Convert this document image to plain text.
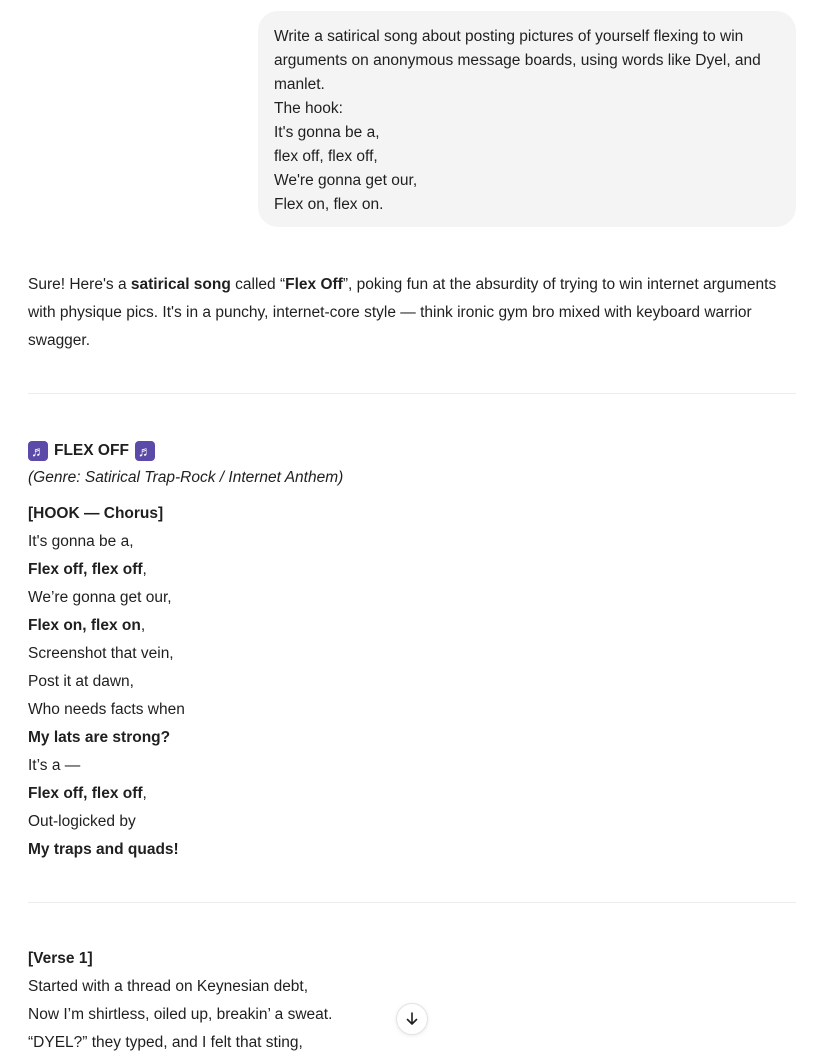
Write a satirical song about posting pictures of yourself flexing to win
arguments on anonymous message boards, using words like Dyel, and
manlet.
The hook:
It's gonna be a,
flex off, flex off,
We're gonna get our,
Flex on, flex on.

Sure! Here's a satirical song called “Flex Off”, poking fun at the absurdity of trying to win internet arguments with physique pics. It's in a punchy, internet-core style — think ironic gym bro mixed with keyboard warrior swagger.

♬ FLEX OFF ♬
(Genre: Satirical Trap-Rock / Internet Anthem)
[HOOK — Chorus]
It's gonna be a,
Flex off, flex off,
We’re gonna get our,
Flex on, flex on,
Screenshot that vein,
Post it at dawn,
Who needs facts when
My lats are strong?
It’s a —
Flex off, flex off,
Out-logicked by
My traps and quads!
[Verse 1]
Started with a thread on Keynesian debt,
Now I’m shirtless, oiled up, breakin’ a sweat.
“DYEL?” they typed, and I felt that sting,
